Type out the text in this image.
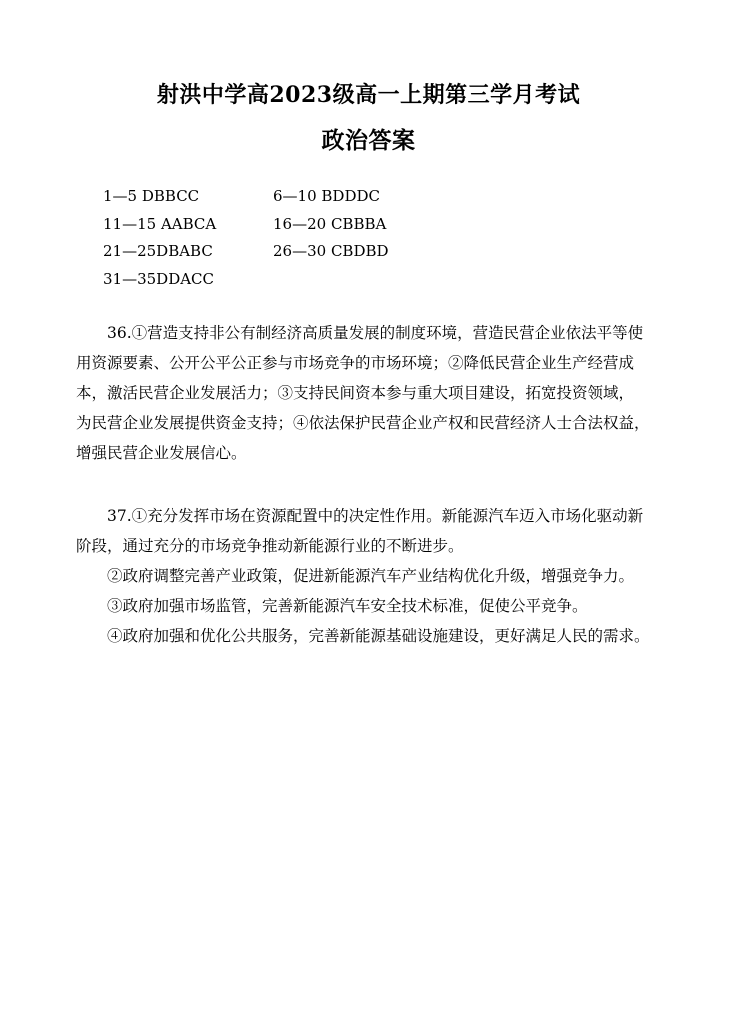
射洪中学高2023级高一上期第三学月考试
政治答案
1—5 DBBCC	6—10 BDDDC
11—15 AABCA	16—20 CBBBA
21—25DBABC	26—30 CBDBD
31—35DDACC

36.①营造支持非公有制经济高质量发展的制度环境，营造民营企业依法平等使

用资源要素、公开公平公正参与市场竞争的市场环境；②降低民营企业生产经营成

本，激活民营企业发展活力；③支持民间资本参与重大项目建设，拓宽投资领域，

为民营企业发展提供资金支持；④依法保护民营企业产权和民营经济人士合法权益，

增强民营企业发展信心。

37.①充分发挥市场在资源配置中的决定性作用。新能源汽车迈入市场化驱动新

阶段，通过充分的市场竞争推动新能源行业的不断进步。

②政府调整完善产业政策，促进新能源汽车产业结构优化升级，增强竞争力。

③政府加强市场监管，完善新能源汽车安全技术标准，促使公平竞争。

④政府加强和优化公共服务，完善新能源基础设施建设，更好满足人民的需求。
